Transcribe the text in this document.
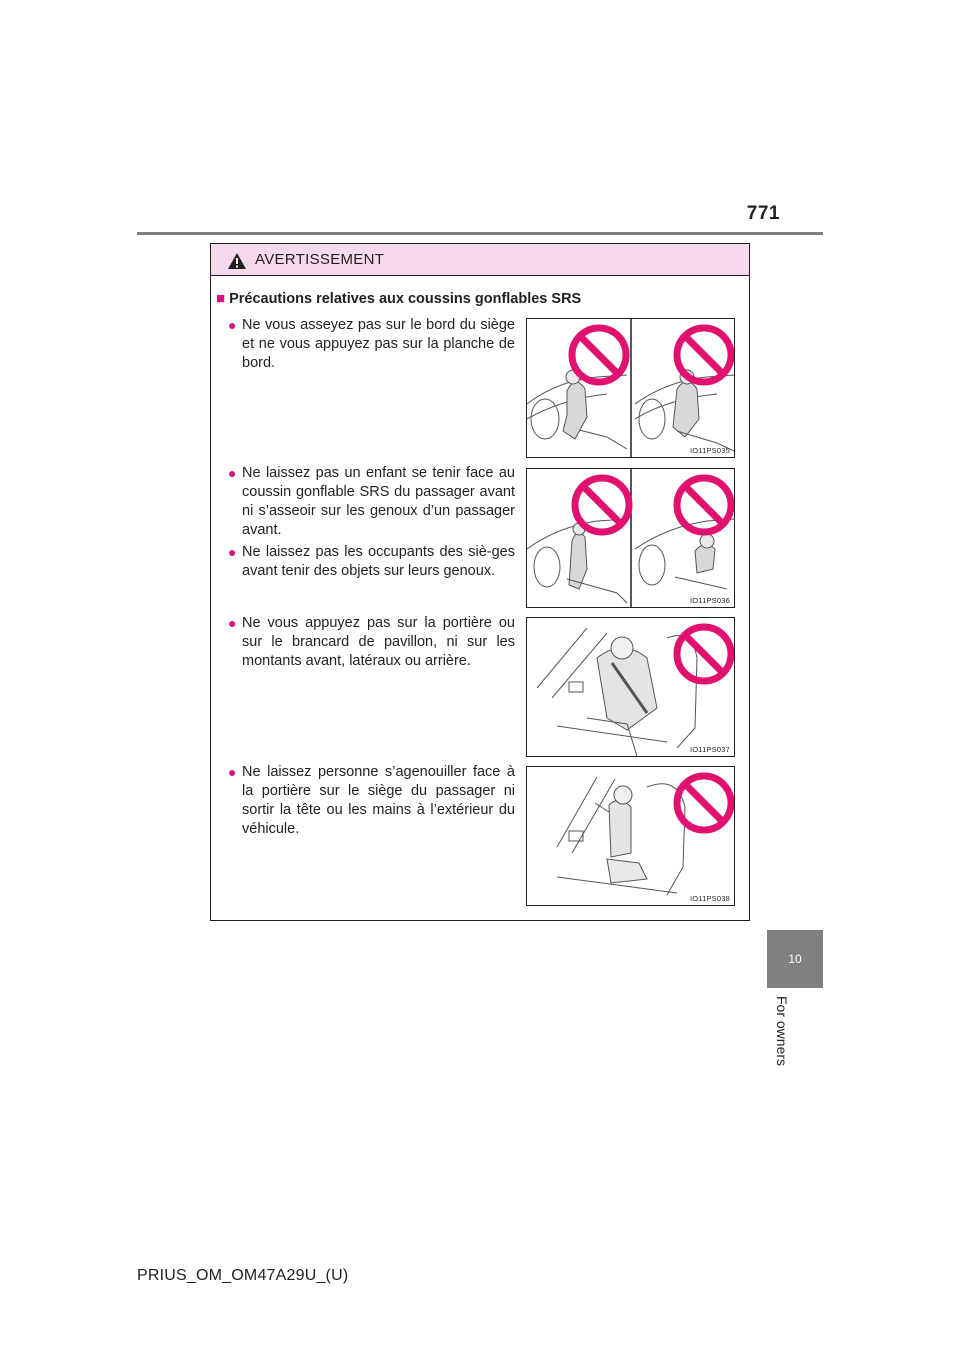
771
10
For owners
AVERTISSEMENT
■ Précautions relatives aux coussins gonflables SRS
● Ne vous asseyez pas sur le bord du siège et ne vous appuyez pas sur la planche de bord.
● Ne laissez pas un enfant se tenir face au coussin gonflable SRS du passager avant ni s’asseoir sur les genoux d’un passager avant.
● Ne laissez pas les occupants des siè-ges avant tenir des objets sur leurs genoux.
● Ne vous appuyez pas sur la portière ou sur le brancard de pavillon, ni sur les montants avant, latéraux ou arrière.
● Ne laissez personne s’agenouiller face à la portière sur le siège du passager ni sortir la tête ou les mains à l’extérieur du véhicule.
IO11PS035
IO11PS036
IO11PS037
IO11PS038
PRIUS_OM_OM47A29U_(U)
